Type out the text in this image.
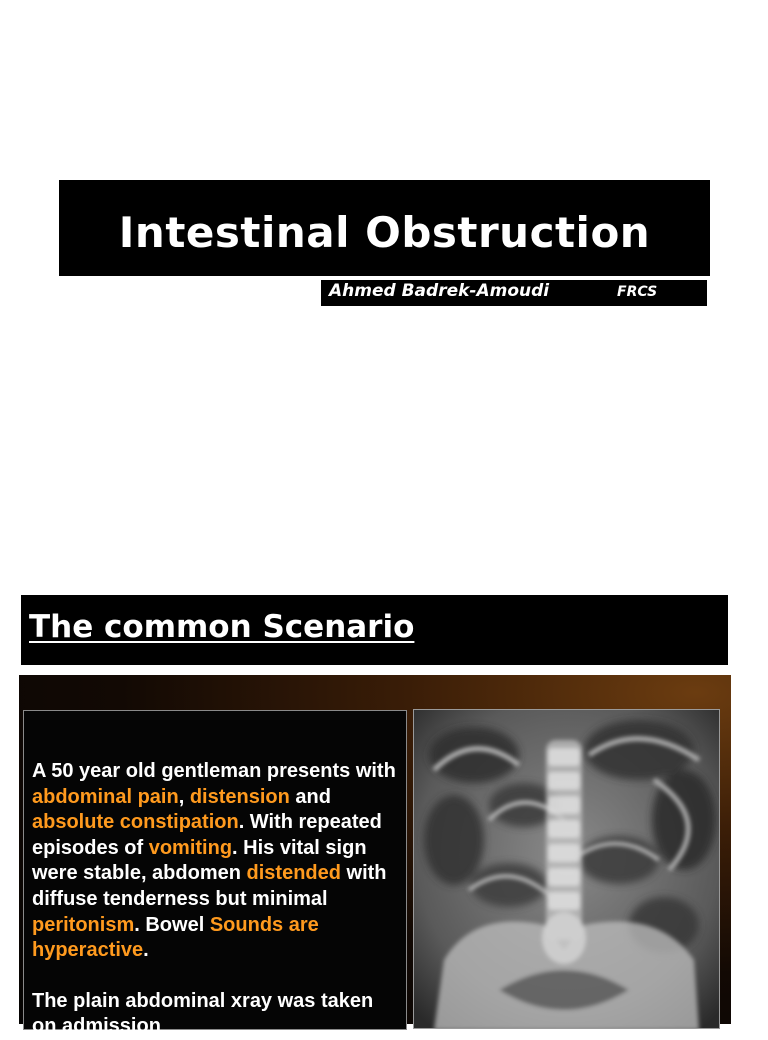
Intestinal Obstruction
Ahmed Badrek-Amoudi	FRCS
The common Scenario

A 50 year old gentleman presents with abdominal pain, distension and absolute constipation. With repeated episodes of vomiting. His vital sign were stable, abdomen distended with diffuse tenderness but minimal peritonism. Bowel Sounds are hyperactive.

The plain abdominal xray was taken on admission
